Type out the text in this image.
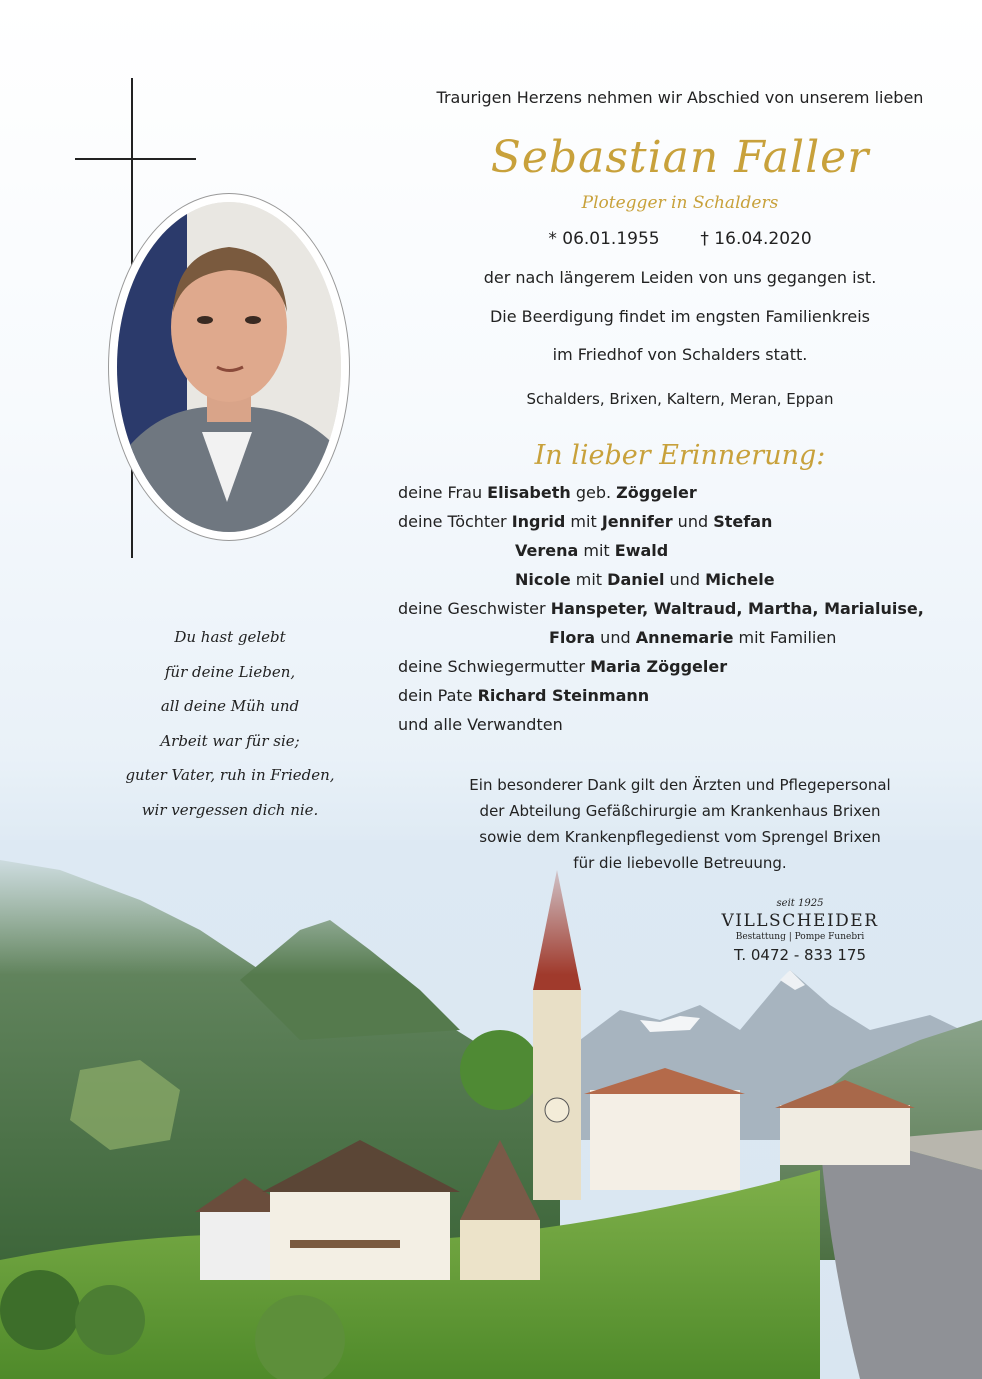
Traurigen Herzens nehmen wir Abschied von unserem lieben
Sebastian Faller
Plotegger in Schalders
* 06.01.1955 † 16.04.2020
der nach längerem Leiden von uns gegangen ist.
Die Beerdigung findet im engsten Familienkreis
im Friedhof von Schalders statt.
Schalders, Brixen, Kaltern, Meran, Eppan
In lieber Erinnerung:
deine Frau Elisabeth geb. Zöggeler
deine Töchter Ingrid mit Jennifer und Stefan
Verena mit Ewald
Nicole mit Daniel und Michele
deine Geschwister Hanspeter, Waltraud, Martha, Marialuise,
Flora und Annemarie mit Familien
deine Schwiegermutter Maria Zöggeler
dein Pate Richard Steinmann
und alle Verwandten
Du hast gelebt
für deine Lieben,
all deine Müh und
Arbeit war für sie;
guter Vater, ruh in Frieden,
wir vergessen dich nie.
Ein besonderer Dank gilt den Ärzten und Pflegepersonal
der Abteilung Gefäßchirurgie am Krankenhaus Brixen
sowie dem Krankenpflegedienst vom Sprengel Brixen
für die liebevolle Betreuung.
seit 1925
VILLSCHEIDER
Bestattung | Pompe Funebri
T. 0472 - 833 175
